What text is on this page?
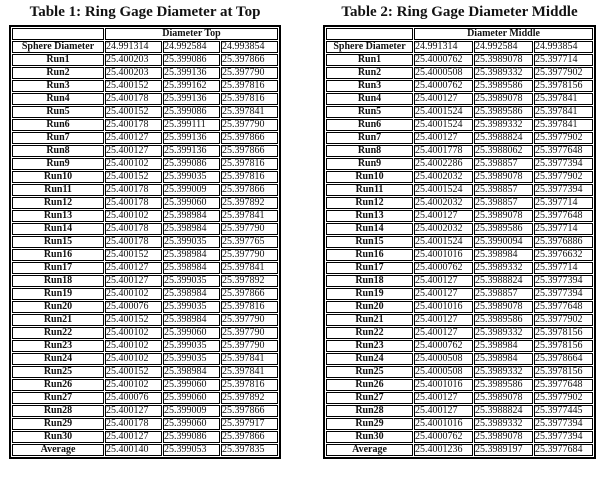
Table 1: Ring Gage Diameter at Top
	Diameter Top		
Sphere Diameter	24.991314	24.992584	24.993854
Run1	25.400203	25.399086	25.397866
Run2	25.400203	25.399136	25.397790
Run3	25.400152	25.399162	25.397816
Run4	25.400178	25.399136	25.397816
Run5	25.400152	25.399086	25.397841
Run6	25.400178	25.399111	25.397790
Run7	25.400127	25.399136	25.397866
Run8	25.400127	25.399136	25.397866
Run9	25.400102	25.399086	25.397816
Run10	25.400152	25.399035	25.397816
Run11	25.400178	25.399009	25.397866
Run12	25.400178	25.399060	25.397892
Run13	25.400102	25.398984	25.397841
Run14	25.400178	25.398984	25.397790
Run15	25.400178	25.399035	25.397765
Run16	25.400152	25.398984	25.397790
Run17	25.400127	25.398984	25.397841
Run18	25.400127	25.399035	25.397892
Run19	25.400102	25.398984	25.397866
Run20	25.400076	25.399035	25.397816
Run21	25.400152	25.398984	25.397790
Run22	25.400102	25.399060	25.397790
Run23	25.400102	25.399035	25.397790
Run24	25.400102	25.399035	25.397841
Run25	25.400152	25.398984	25.397841
Run26	25.400102	25.399060	25.397816
Run27	25.400076	25.399060	25.397892
Run28	25.400127	25.399009	25.397866
Run29	25.400178	25.399060	25.397917
Run30	25.400127	25.399086	25.397866
Average	25.400140	25.399053	25.397835
Table 2: Ring Gage Diameter Middle
	Diameter Middle		
Sphere Diameter	24.991314	24.992584	24.993854
Run1	25.4000762	25.3989078	25.397714
Run2	25.4000508	25.3989332	25.3977902
Run3	25.4000762	25.3989586	25.3978156
Run4	25.400127	25.3989078	25.397841
Run5	25.4001524	25.3989586	25.397841
Run6	25.4001524	25.3989332	25.397841
Run7	25.400127	25.3988824	25.3977902
Run8	25.4001778	25.3988062	25.3977648
Run9	25.4002286	25.398857	25.3977394
Run10	25.4002032	25.3989078	25.3977902
Run11	25.4001524	25.398857	25.3977394
Run12	25.4002032	25.398857	25.397714
Run13	25.400127	25.3989078	25.3977648
Run14	25.4002032	25.3989586	25.397714
Run15	25.4001524	25.3990094	25.3976886
Run16	25.4001016	25.398984	25.3976632
Run17	25.4000762	25.3989332	25.397714
Run18	25.400127	25.3988824	25.3977394
Run19	25.400127	25.398857	25.3977394
Run20	25.4001016	25.3989078	25.3977648
Run21	25.400127	25.3989586	25.3977902
Run22	25.400127	25.3989332	25.3978156
Run23	25.4000762	25.398984	25.3978156
Run24	25.4000508	25.398984	25.3978664
Run25	25.4000508	25.3989332	25.3978156
Run26	25.4001016	25.3989586	25.3977648
Run27	25.400127	25.3989078	25.3977902
Run28	25.400127	25.3988824	25.3977445
Run29	25.4001016	25.3989332	25.3977394
Run30	25.4000762	25.3989078	25.3977394
Average	25.4001236	25.3989197	25.3977684
